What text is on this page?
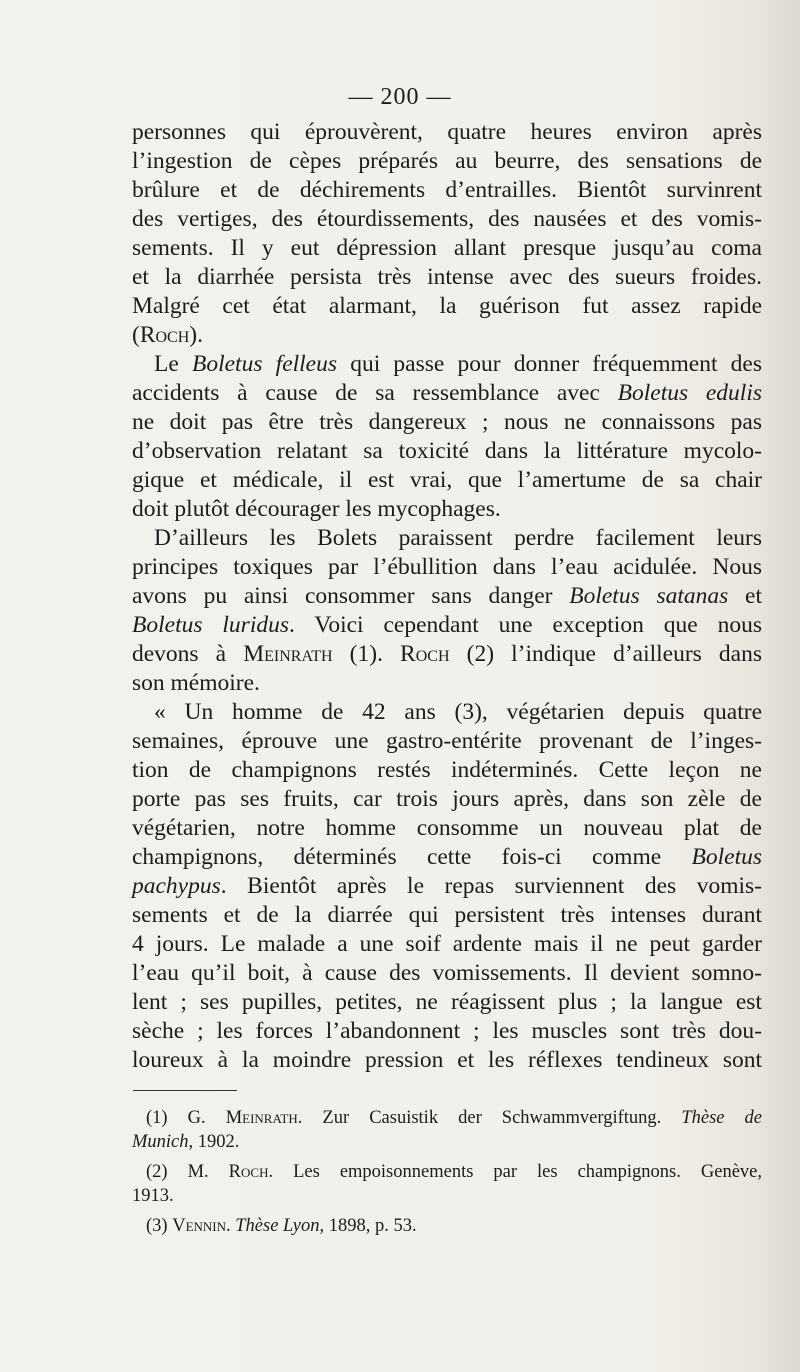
— 200 —
personnes qui éprouvèrent, quatre heures environ après
l’ingestion de cèpes préparés au beurre, des sensations de
brûlure et de déchirements d’entrailles. Bientôt survinrent
des vertiges, des étourdissements, des nausées et des vomis-
sements. Il y eut dépression allant presque jusqu’au coma
et la diarrhée persista très intense avec des sueurs froides.
Malgré cet état alarmant, la guérison fut assez rapide
(Roch).
Le Boletus felleus qui passe pour donner fréquemment des
accidents à cause de sa ressemblance avec Boletus edulis
ne doit pas être très dangereux ; nous ne connaissons pas
d’observation relatant sa toxicité dans la littérature mycolo-
gique et médicale, il est vrai, que l’amertume de sa chair
doit plutôt décourager les mycophages.
D’ailleurs les Bolets paraissent perdre facilement leurs
principes toxiques par l’ébullition dans l’eau acidulée. Nous
avons pu ainsi consommer sans danger Boletus satanas et
Boletus luridus. Voici cependant une exception que nous
devons à Meinrath (1). Roch (2) l’indique d’ailleurs dans
son mémoire.
« Un homme de 42 ans (3), végétarien depuis quatre
semaines, éprouve une gastro-entérite provenant de l’inges-
tion de champignons restés indéterminés. Cette leçon ne
porte pas ses fruits, car trois jours après, dans son zèle de
végétarien, notre homme consomme un nouveau plat de
champignons, déterminés cette fois-ci comme Boletus
pachypus. Bientôt après le repas surviennent des vomis-
sements et de la diarrée qui persistent très intenses durant
4 jours. Le malade a une soif ardente mais il ne peut garder
l’eau qu’il boit, à cause des vomissements. Il devient somno-
lent ; ses pupilles, petites, ne réagissent plus ; la langue est
sèche ; les forces l’abandonnent ; les muscles sont très dou-
loureux à la moindre pression et les réflexes tendineux sont
(1) G. Meinrath. Zur Casuistik der Schwammvergiftung. Thèse de
Munich, 1902.
(2) M. Roch. Les empoisonnements par les champignons. Genève,
1913.
(3) Vennin. Thèse Lyon, 1898, p. 53.
